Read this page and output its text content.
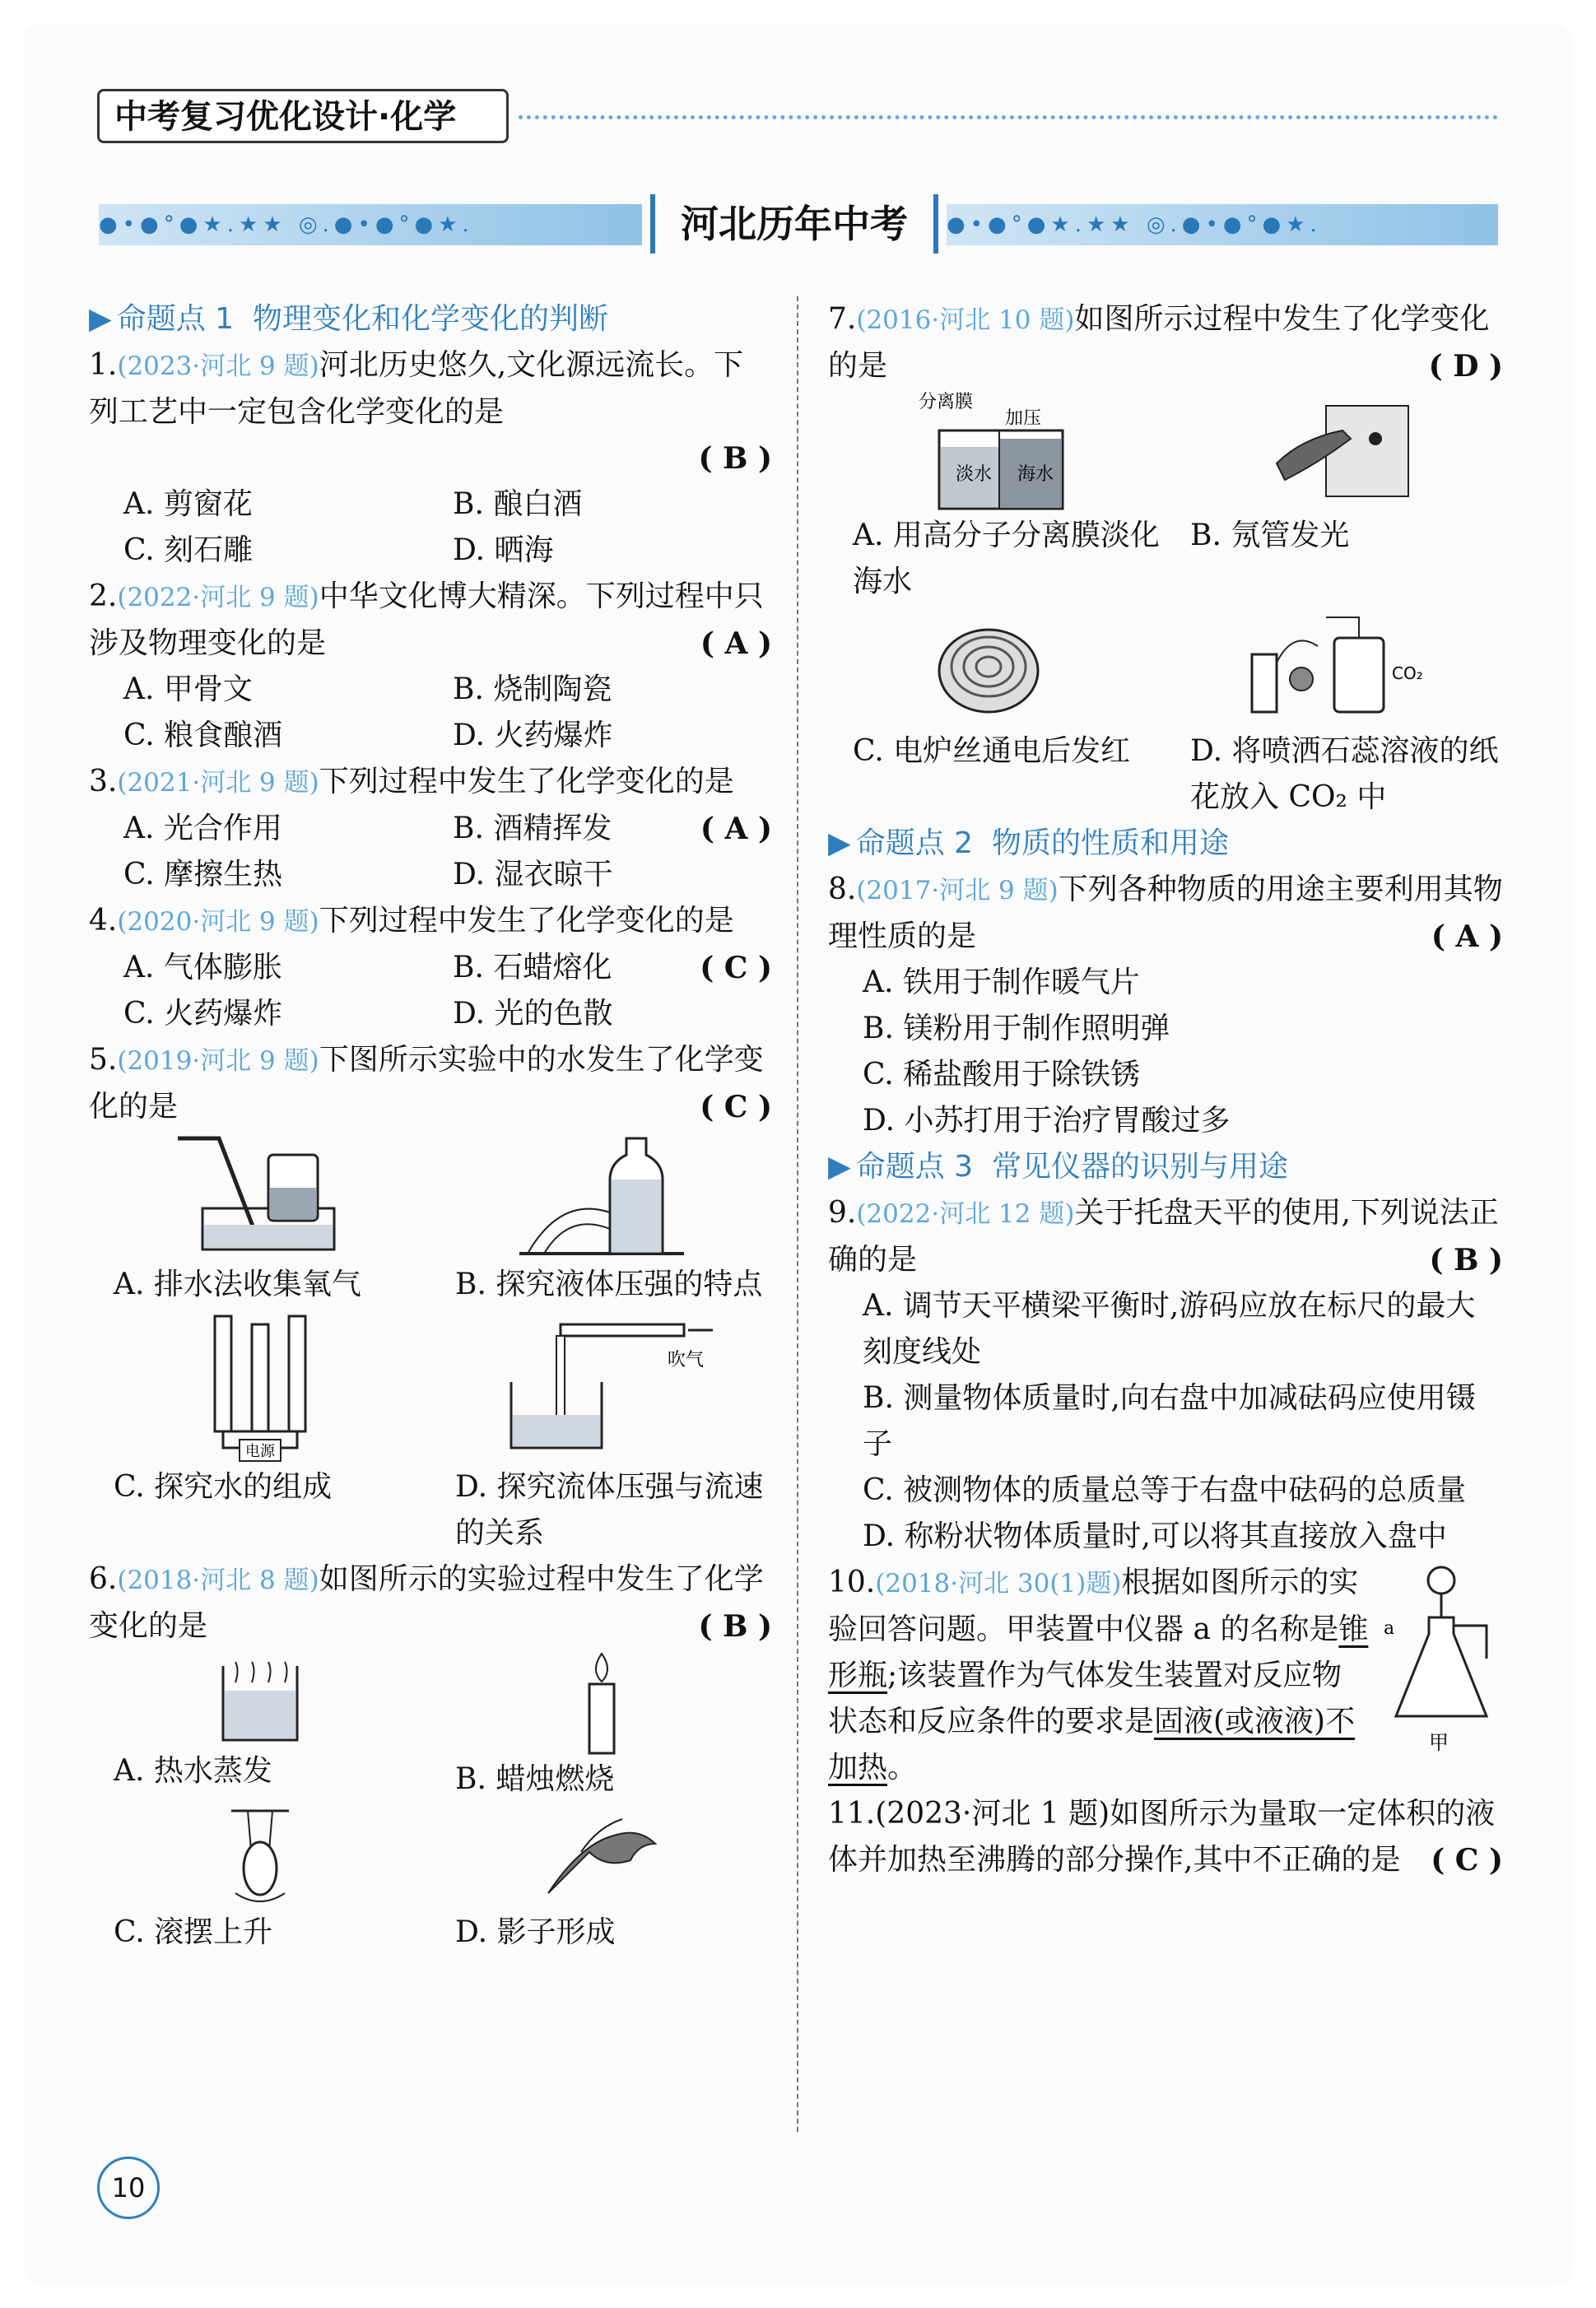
中考复习优化设计·化学
●•●°●★.★★ ◎.●•●°●★.	河北历年中考	●•●°●★.★★ ◎.●•●°●★.

▶ 命题点 1 物理变化和化学变化的判断

1.(2023·河北 9 题)河北历史悠久,文化源远流长。下列工艺中一定包含化学变化的是

( B )

A. 剪窗花	B. 酿白酒
C. 刻石雕	D. 晒海

2.(2022·河北 9 题)中华文化博大精深。下列过程中只涉及物理变化的是	( A )

A. 甲骨文	B. 烧制陶瓷
C. 粮食酿酒	D. 火药爆炸

3.(2021·河北 9 题)下列过程中发生了化学变化的是
( A )

A. 光合作用	B. 酒精挥发
C. 摩擦生热	D. 湿衣晾干

4.(2020·河北 9 题)下列过程中发生了化学变化的是
( C )

A. 气体膨胀	B. 石蜡熔化
C. 火药爆炸	D. 光的色散

5.(2019·河北 9 题)下图所示实验中的水发生了化学变化的是	( C )

A. 排水法收集氧气	B. 探究液体压强的特点
电源
C. 探究水的组成
吹气
D. 探究流体压强与流速的关系

6.(2018·河北 8 题)如图所示的实验过程中发生了化学变化的是	( B )

A. 热水蒸发	B. 蜡烛燃烧
C. 滚摆上升	D. 影子形成

7.(2016·河北 10 题)如图所示过程中发生了化学变化的是	( D )

分离膜
加压
淡水 海水
A. 用高分子分离膜淡化海水
B. 氖管发光
C. 电炉丝通电后发红
CO₂
D. 将喷洒石蕊溶液的纸花放入 CO₂ 中

▶ 命题点 2 物质的性质和用途

8.(2017·河北 9 题)下列各种物质的用途主要利用其物理性质的是	( A )

A. 铁用于制作暖气片
B. 镁粉用于制作照明弹
C. 稀盐酸用于除铁锈
D. 小苏打用于治疗胃酸过多

▶ 命题点 3 常见仪器的识别与用途

9.(2022·河北 12 题)关于托盘天平的使用,下列说法正确的是	( B )

A. 调节天平横梁平衡时,游码应放在标尺的最大刻度线处
B. 测量物体质量时,向右盘中加减砝码应使用镊子
C. 被测物体的质量总等于右盘中砝码的总质量
D. 称粉状物体质量时,可以将其直接放入盘中
a
甲

10.(2018·河北 30(1)题)根据如图所示的实验回答问题。甲装置中仪器 a 的名称是锥形瓶;该装置作为气体发生装置对反应物状态和反应条件的要求是固液(或液液)不加热。

11.(2023·河北 1 题)如图所示为量取一定体积的液体并加热至沸腾的部分操作,其中不正确的是 ( C )

10
